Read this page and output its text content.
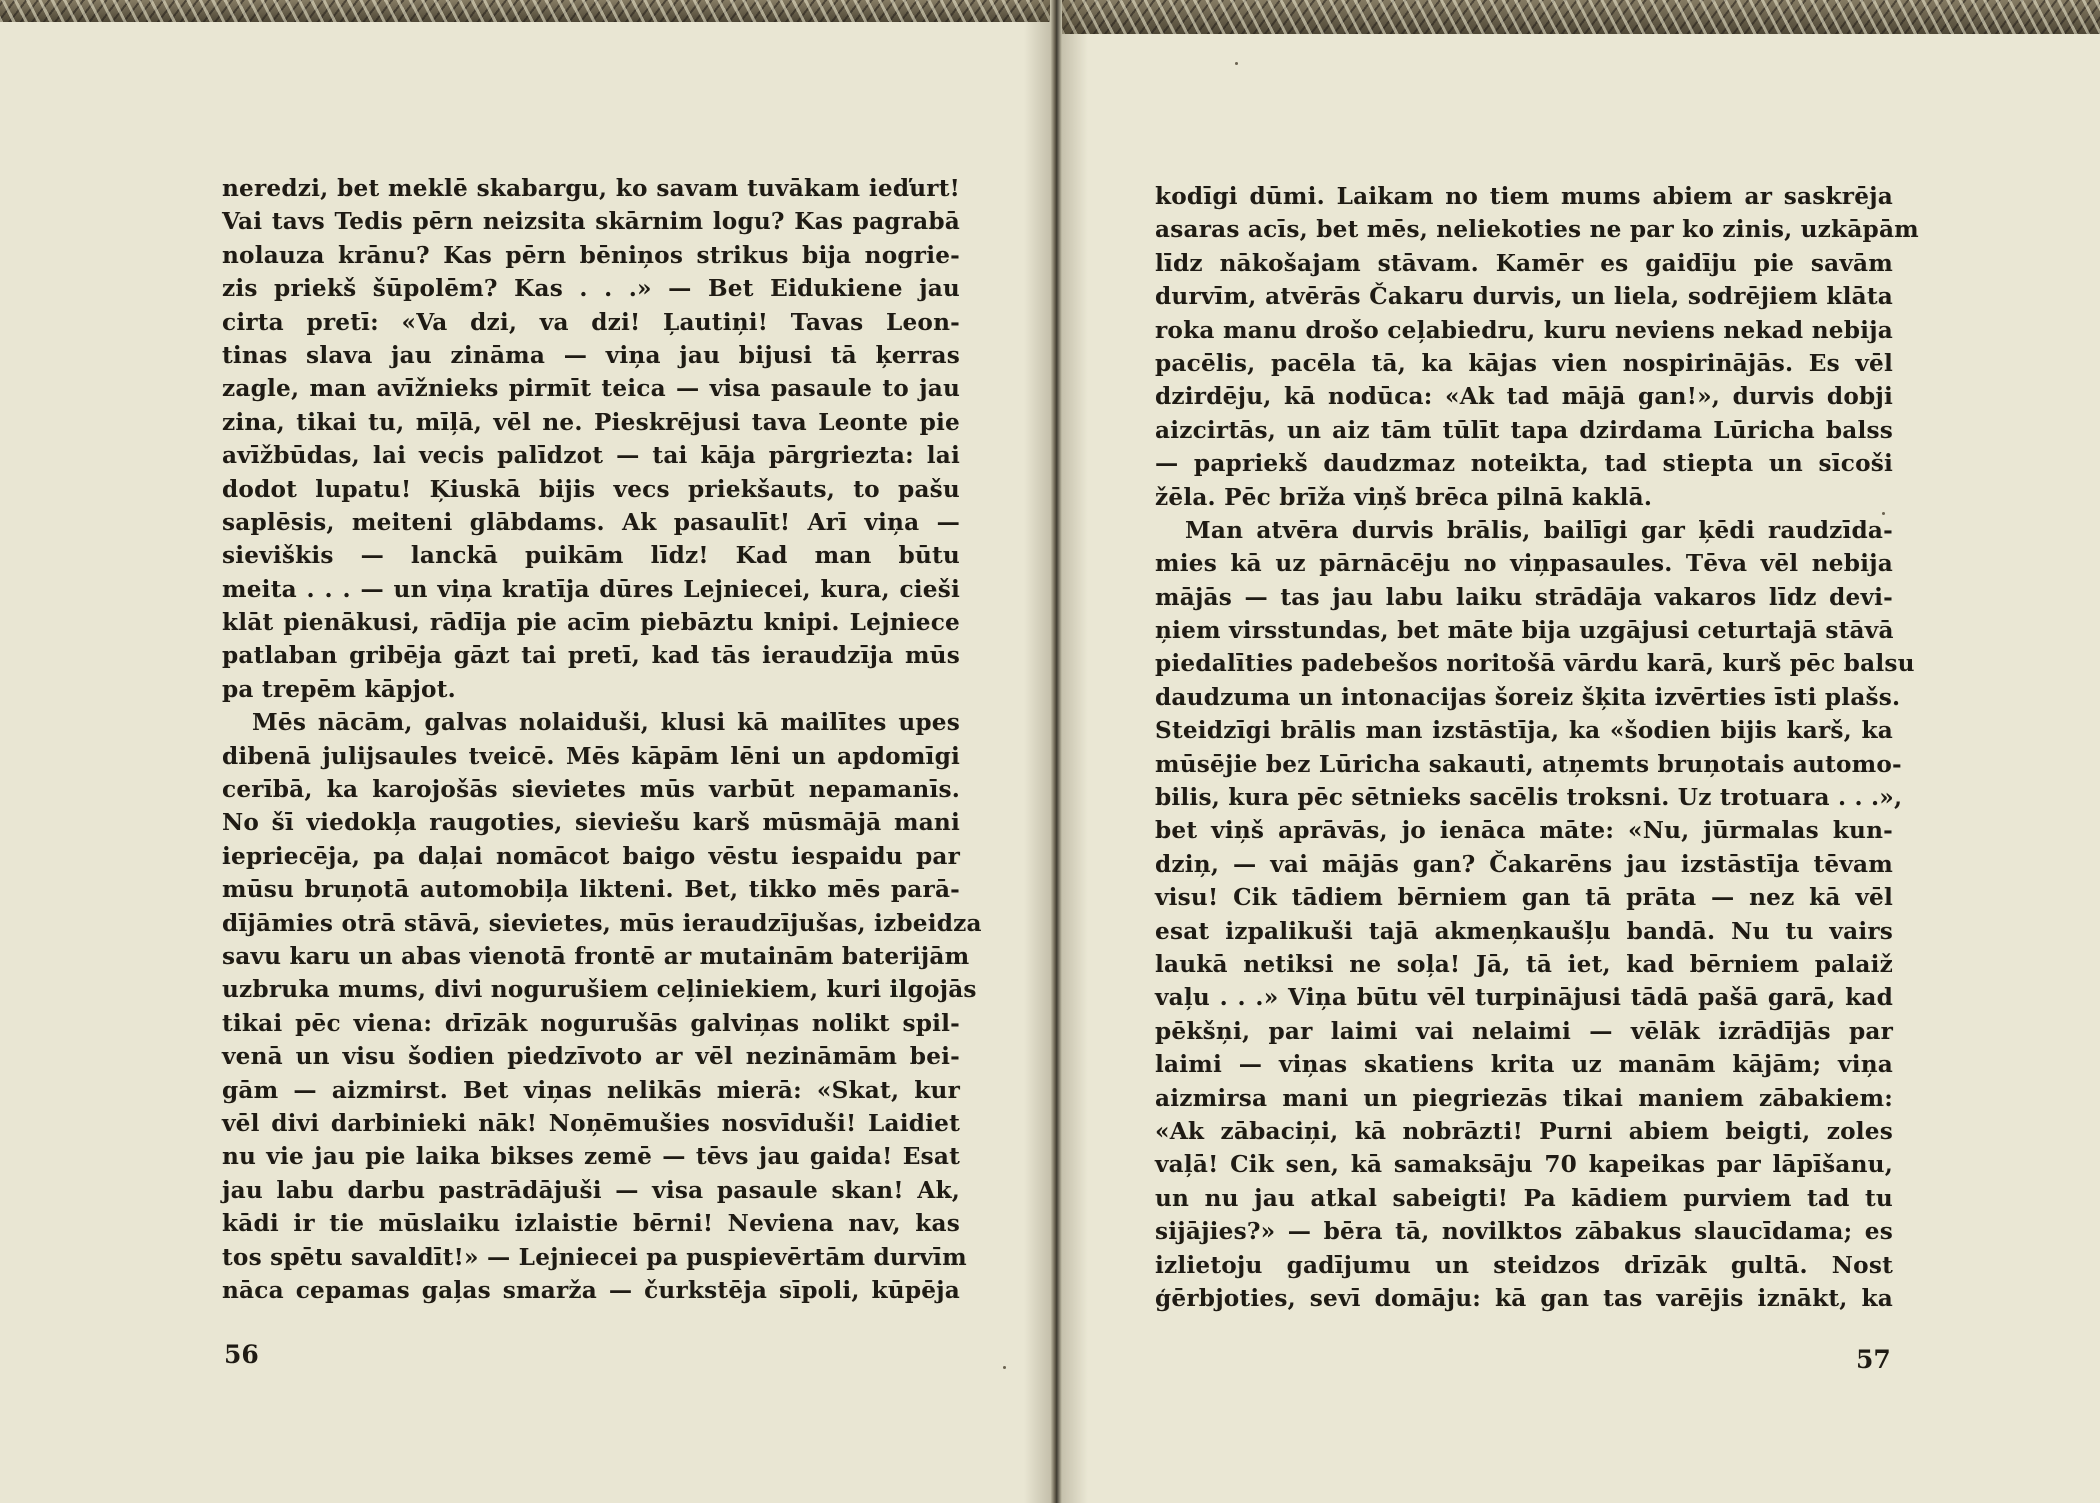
neredzi, bet meklē skabargu, ko savam tuvākam ieďurt!
Vai tavs Tedis pērn neizsita skārnim logu? Kas pagrabā
nolauza krānu? Kas pērn bēniņos strikus bija nogrie-
zis priekš šūpolēm? Kas . . .» — Bet Eidukiene jau
cirta pretī: «Va dzi, va dzi! Ļautiņi! Tavas Leon-
tinas slava jau zināma — viņa jau bijusi tā ķerras
zagle, man avīžnieks pirmīt teica — visa pasaule to jau
zina, tikai tu, mīļā, vēl ne. Pieskrējusi tava Leonte pie
avīžbūdas, lai vecis palīdzot — tai kāja pārgriezta: lai
dodot lupatu! Ķiuskā bijis vecs priekšauts, to pašu
saplēsis, meiteni glābdams. Ak pasaulīt! Arī viņa —
sieviškis — lanckā puikām līdz! Kad man būtu
meita . . . — un viņa kratīja dūres Lejniecei, kura, cieši
klāt pienākusi, rādīja pie acīm piebāztu knipi. Lejniece
patlaban gribēja gāzt tai pretī, kad tās ieraudzīja mūs
pa trepēm kāpjot.
Mēs nācām, galvas nolaiduši, klusi kā mailītes upes
dibenā julijsaules tveicē. Mēs kāpām lēni un apdomīgi
cerībā, ka karojošās sievietes mūs varbūt nepamanīs.
No šī viedokļa raugoties, sieviešu karš mūsmājā mani
iepriecēja, pa daļai nomācot baigo vēstu iespaidu par
mūsu bruņotā automobiļa likteni. Bet, tikko mēs parā-
dījāmies otrā stāvā, sievietes, mūs ieraudzījušas, izbeidza
savu karu un abas vienotā frontē ar mutainām baterijām
uzbruka mums, divi nogurušiem ceļiniekiem, kuri ilgojās
tikai pēc viena: drīzāk nogurušās galviņas nolikt spil-
venā un visu šodien piedzīvoto ar vēl nezināmām bei-
gām — aizmirst. Bet viņas nelikās mierā: «Skat, kur
vēl divi darbinieki nāk! Noņēmušies nosvīduši! Laidiet
nu vie jau pie laika bikses zemē — tēvs jau gaida! Esat
jau labu darbu pastrādājuši — visa pasaule skan! Ak,
kādi ir tie mūslaiku izlaistie bērni! Neviena nav, kas
tos spētu savaldīt!» — Lejniecei pa puspievērtām durvīm
nāca cepamas gaļas smarža — čurkstēja sīpoli, kūpēja
56
kodīgi dūmi. Laikam no tiem mums abiem ar saskrēja
asaras acīs, bet mēs, neliekoties ne par ko zinis, uzkāpām
līdz nākošajam stāvam. Kamēr es gaidīju pie savām
durvīm, atvērās Čakaru durvis, un liela, sodrējiem klāta
roka manu drošo ceļabiedru, kuru neviens nekad nebija
pacēlis, pacēla tā, ka kājas vien nospirinājās. Es vēl
dzirdēju, kā nodūca: «Ak tad mājā gan!», durvis dobji
aizcirtās, un aiz tām tūlīt tapa dzirdama Lūricha balss
— papriekš daudzmaz noteikta, tad stiepta un sīcoši
žēla. Pēc brīža viņš brēca pilnā kaklā.
Man atvēra durvis brālis, bailīgi gar ķēdi raudzīda-
mies kā uz pārnācēju no viņpasaules. Tēva vēl nebija
mājās — tas jau labu laiku strādāja vakaros līdz devi-
ņiem virsstundas, bet māte bija uzgājusi ceturtajā stāvā
piedalīties padebešos noritošā vārdu karā, kurš pēc balsu
daudzuma un intonacijas šoreiz šķita izvērties īsti plašs.
Steidzīgi brālis man izstāstīja, ka «šodien bijis karš, ka
mūsējie bez Lūricha sakauti, atņemts bruņotais automo-
bilis, kura pēc sētnieks sacēlis troksni. Uz trotuara . . .»,
bet viņš aprāvās, jo ienāca māte: «Nu, jūrmalas kun-
dziņ, — vai mājās gan? Čakarēns jau izstāstīja tēvam
visu! Cik tādiem bērniem gan tā prāta — nez kā vēl
esat izpalikuši tajā akmeņkaušļu bandā. Nu tu vairs
laukā netiksi ne soļa! Jā, tā iet, kad bērniem palaiž
vaļu . . .» Viņa būtu vēl turpinājusi tādā pašā garā, kad
pēkšņi, par laimi vai nelaimi — vēlāk izrādījās par
laimi — viņas skatiens krita uz manām kājām; viņa
aizmirsa mani un piegriezās tikai maniem zābakiem:
«Ak zābaciņi, kā nobrāzti! Purni abiem beigti, zoles
vaļā! Cik sen, kā samaksāju 70 kapeikas par lāpīšanu,
un nu jau atkal sabeigti! Pa kādiem purviem tad tu
sijājies?» — bēra tā, novilktos zābakus slaucīdama; es
izlietoju gadījumu un steidzos drīzāk gultā. Nost
ģērbjoties, sevī domāju: kā gan tas varējis iznākt, ka
57
